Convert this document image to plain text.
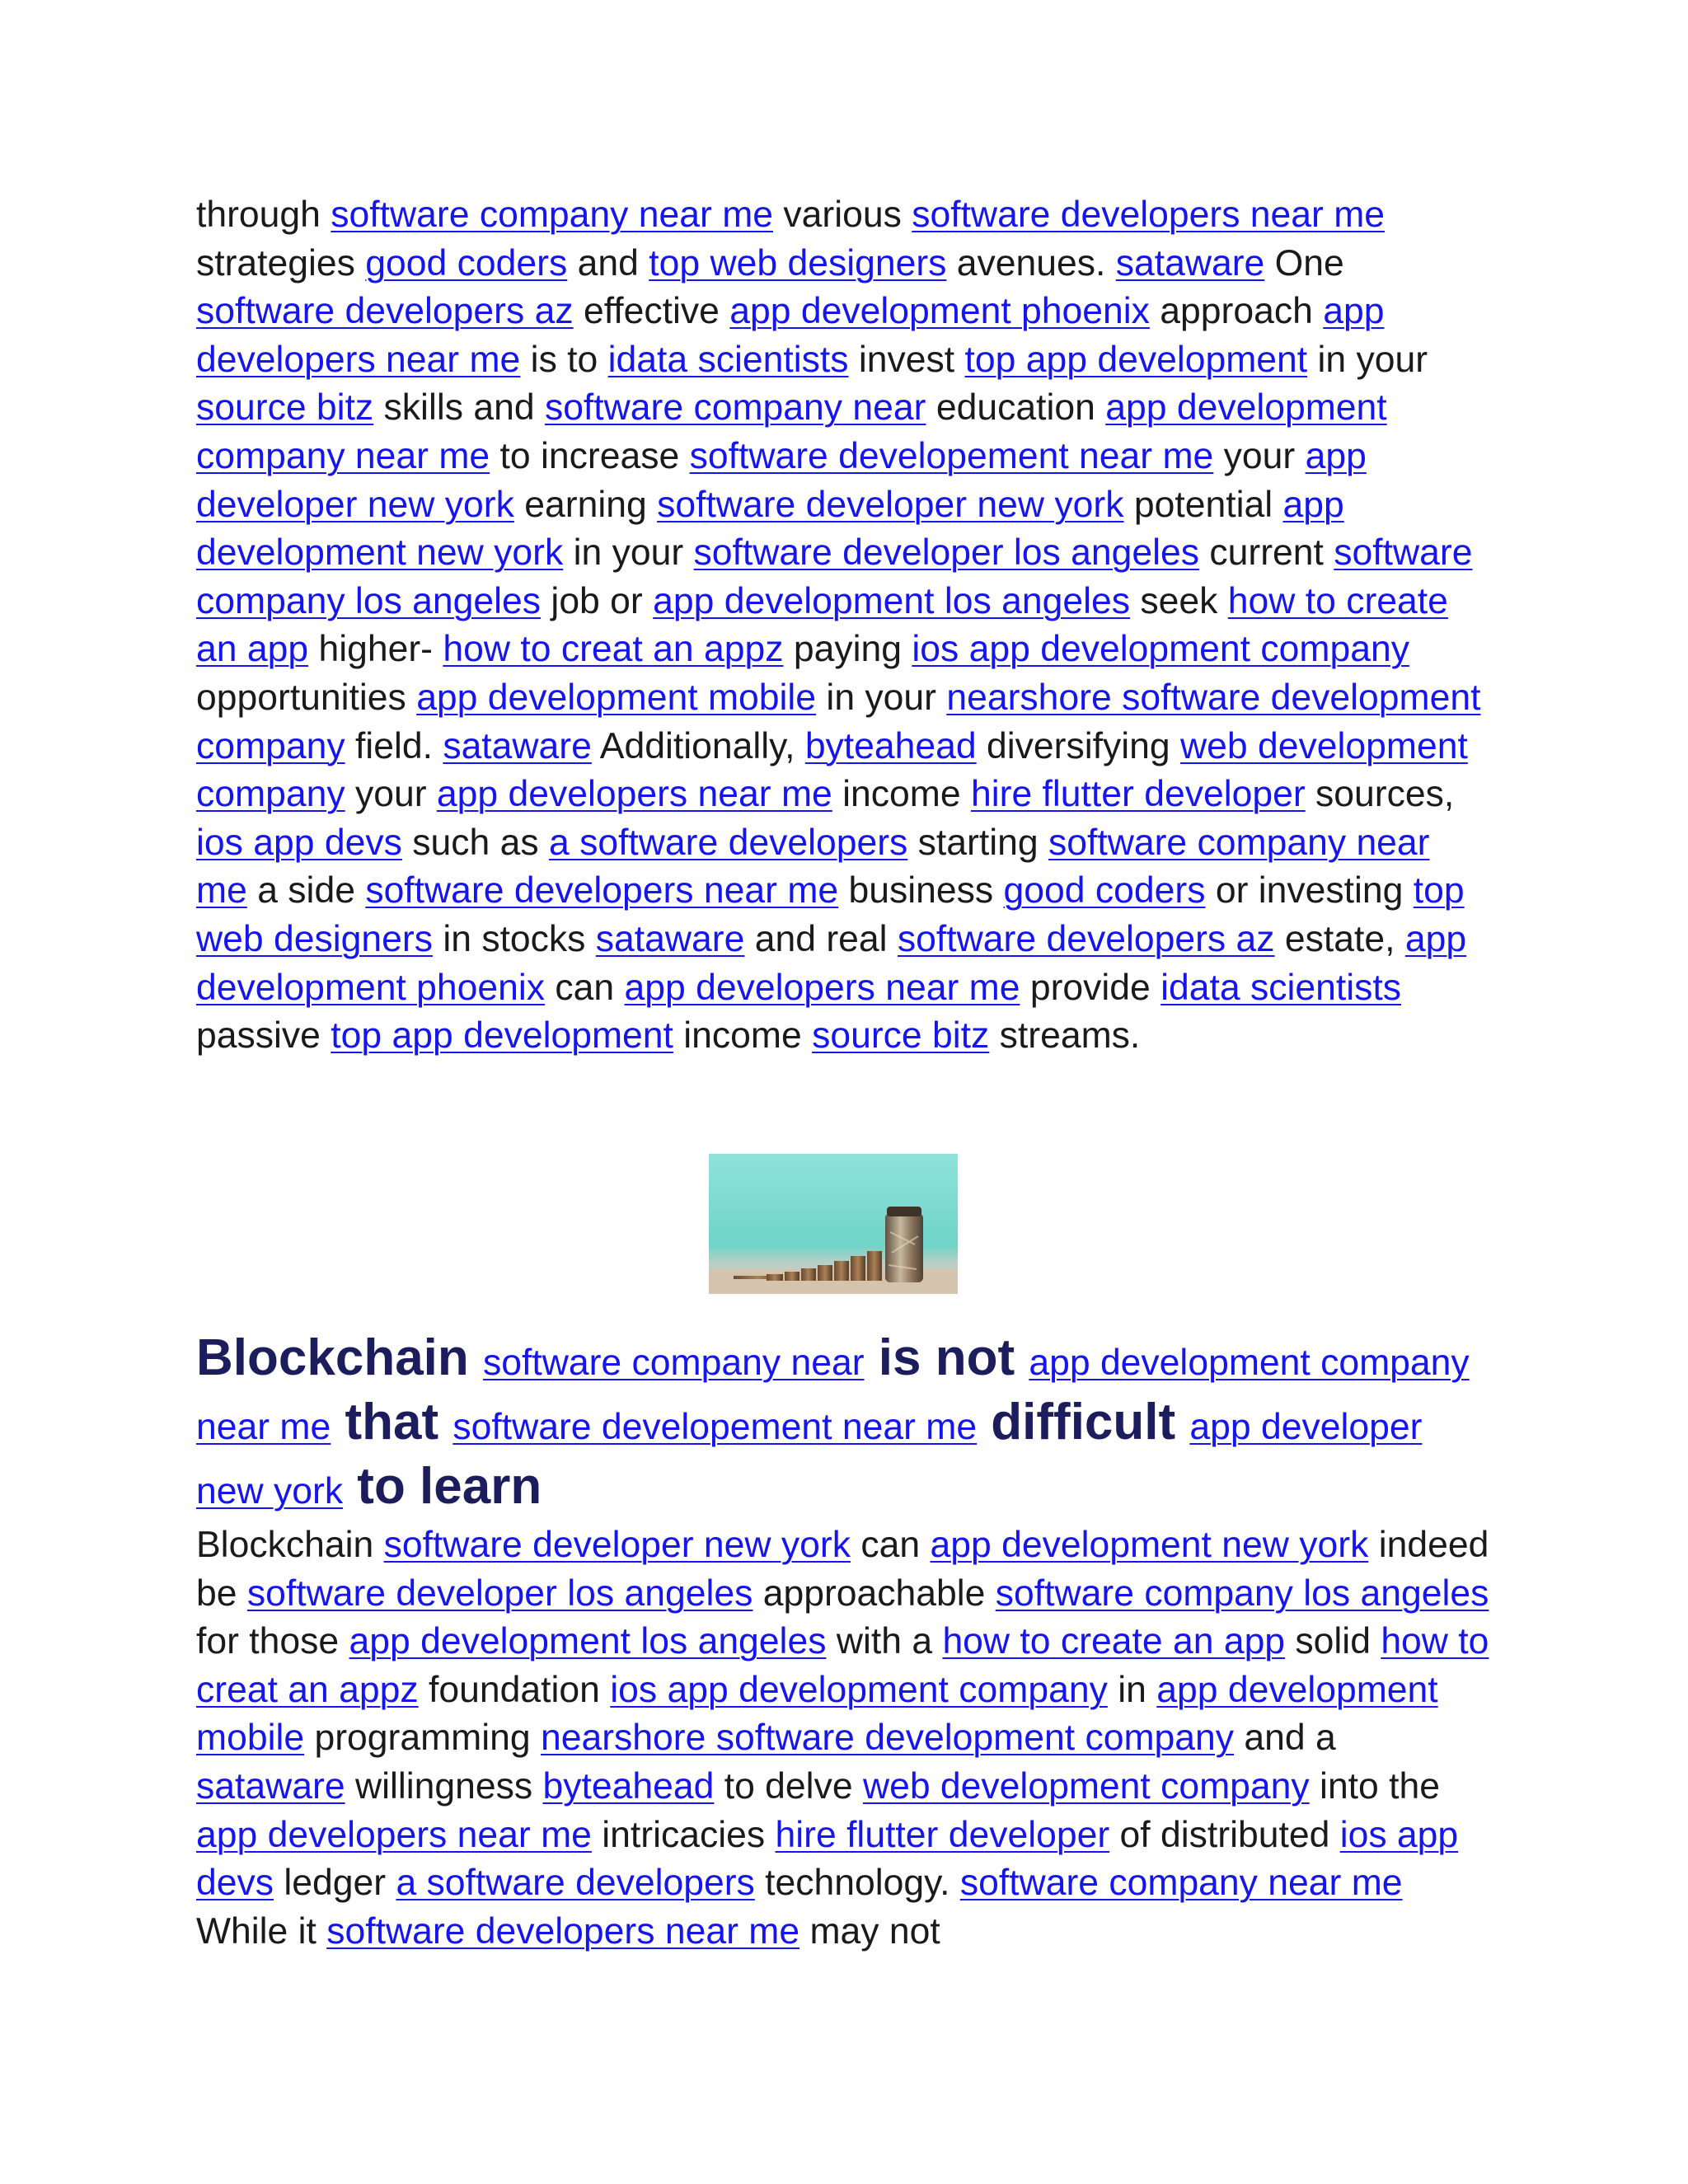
through software company near me various software developers near me strategies good coders and top web designers avenues. sataware One software developers az effective app development phoenix approach app developers near me is to idata scientists invest top app development in your source bitz skills and software company near education app development company near me to increase software developement near me your app developer new york earning software developer new york potential app development new york in your software developer los angeles current software company los angeles job or app development los angeles seek how to create an app higher- how to creat an appz paying ios app development company opportunities app development mobile in your nearshore software development company field. sataware Additionally, byteahead diversifying web development company your app developers near me income hire flutter developer sources, ios app devs such as a software developers starting software company near me a side software developers near me business good coders or investing top web designers in stocks sataware and real software developers az estate, app development phoenix can app developers near me provide idata scientists passive top app development income source bitz streams.

Blockchain software company near is not app development company near me that software developement near me difficult app developer new york to learn

Blockchain software developer new york can app development new york indeed be software developer los angeles approachable software company los angeles for those app development los angeles with a how to create an app solid how to creat an appz foundation ios app development company in app development mobile programming nearshore software development company and a sataware willingness byteahead to delve web development company into the app developers near me intricacies hire flutter developer of distributed ios app devs ledger a software developers technology. software company near me While it software developers near me may not
